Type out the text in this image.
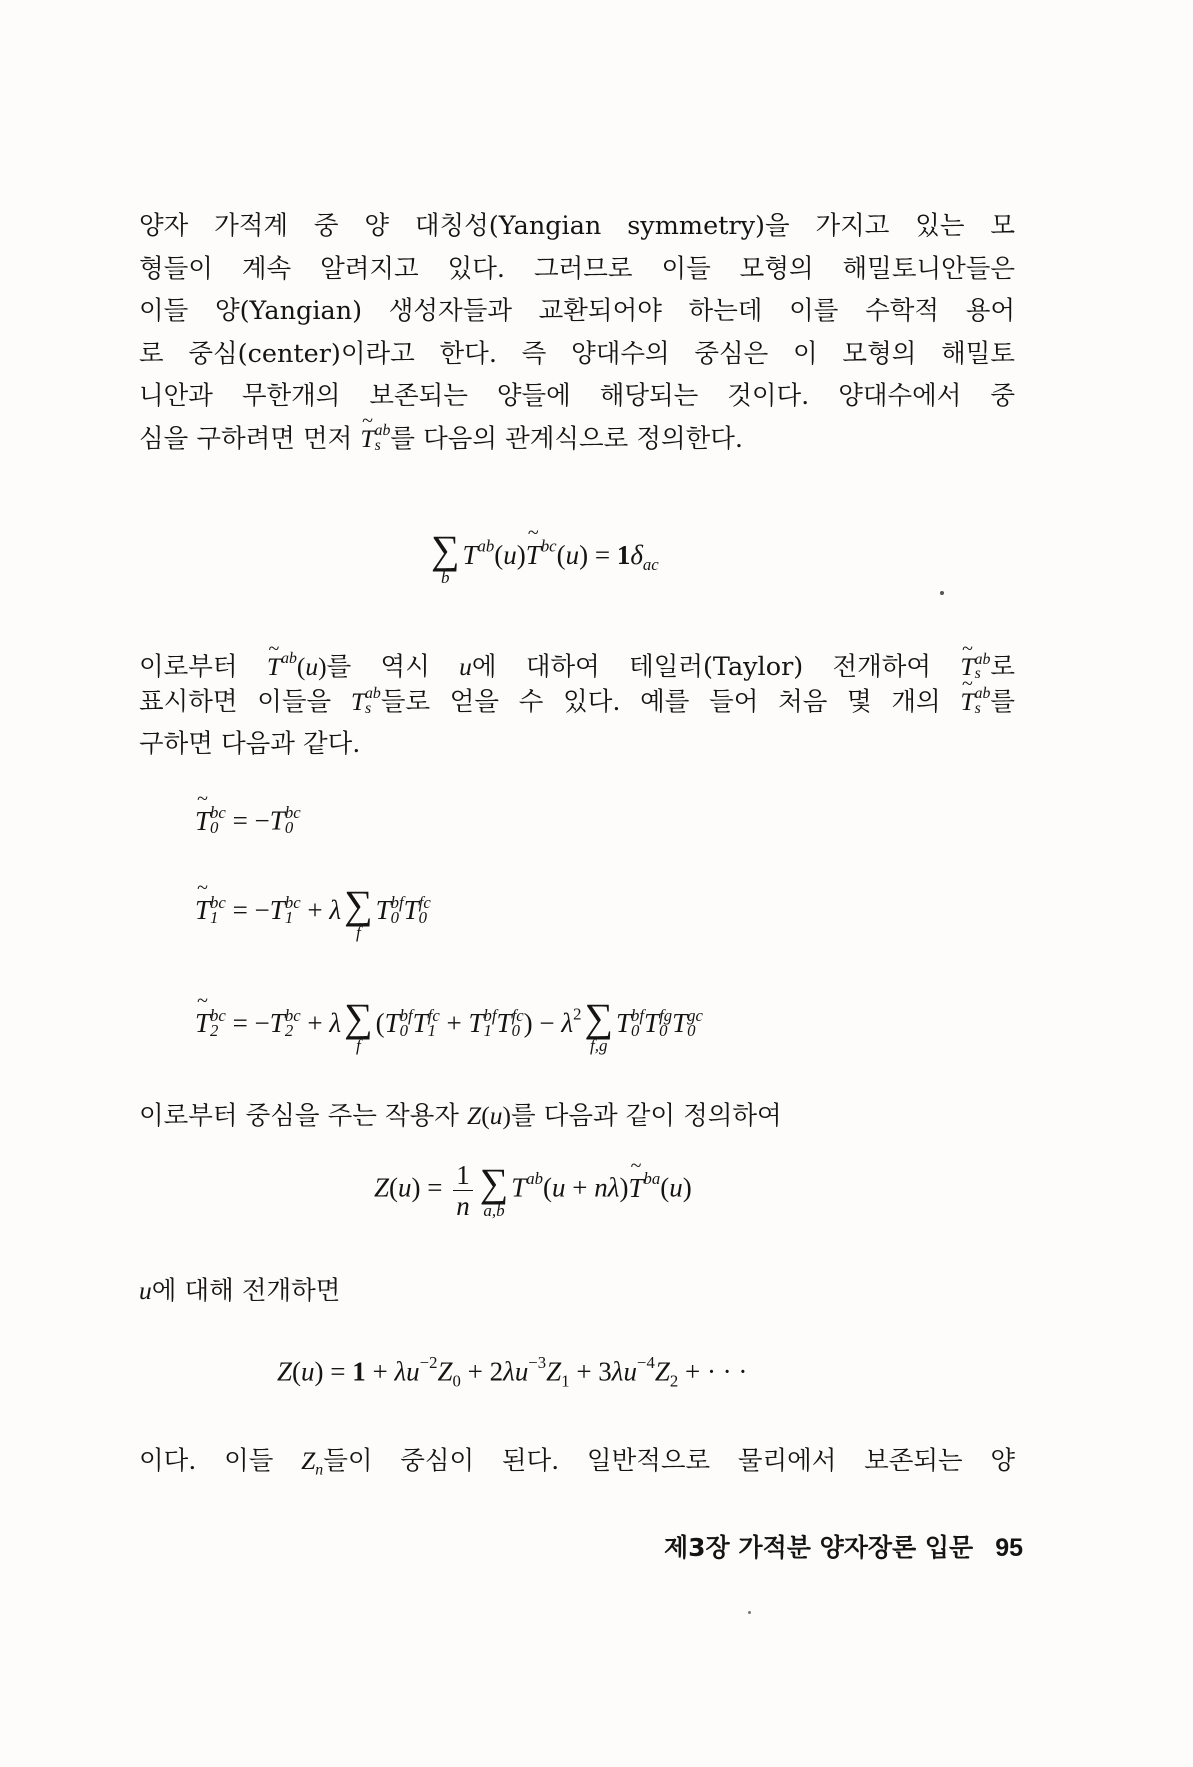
양자 가적계 중 양 대칭성(Yangian symmetry)을 가지고 있는 모
형들이 계속 알려지고 있다. 그러므로 이들 모형의 해밀토니안들은
이들 양(Yangian) 생성자들과 교환되어야 하는데 이를 수학적 용어
로 중심(center)이라고 한다. 즉 양대수의 중심은 이 모형의 해밀토
니안과 무한개의 보존되는 양들에 해당되는 것이다. 양대수에서 중
심을 구하려면 먼저 ~ T ab
s 를 다음의 관계식으로 정의한다.
∑
b
$T^{ab}(u)\sim$ $T^{bc}(u) = 1\delta_{ac}$
이로부터 ~ $T^{ab}(u)$를 역시 u에 대하여 테일러(Taylor) 전개하여 ~ T ab
s 로
표시하면 이들을 T ab
s 들로 얻을 수 있다. 예를 들어 처음 몇 개의 ~ T ab
s 를
구하면 다음과 같다.
~ T bc
0 = −T bc
0
~ T bc
1 = −T bc
1 + λ ∑
f
T bf
0 T fc
0
~ T bc
2 = −T bc
2 + λ ∑
f
(T bf
0 T fc
1 + T bf
1 T fc
0 ) − $\lambda^2$ ∑
f,g
T bf
0 T fg
0 T gc
0
이로부터 중심을 주는 작용자 Z(u)를 다음과 같이 정의하여
$Z(u) = \frac{1}{n}$ ∑
a,b
$T^{ab}(u$ + nλ)~ $T^{ba}(u)$
u에 대해 전개하면
$Z(u) = 1 + \lambda u^{-2}Z_0 + 2\lambda u^{-3}Z_1 + 3\lambda u^{-4}Z_2$ + · · ·
이다. 이들 $Z_n$들이 중심이 된다. 일반적으로 물리에서 보존되는 양
제3장 가적분 양자장론 입문 95
